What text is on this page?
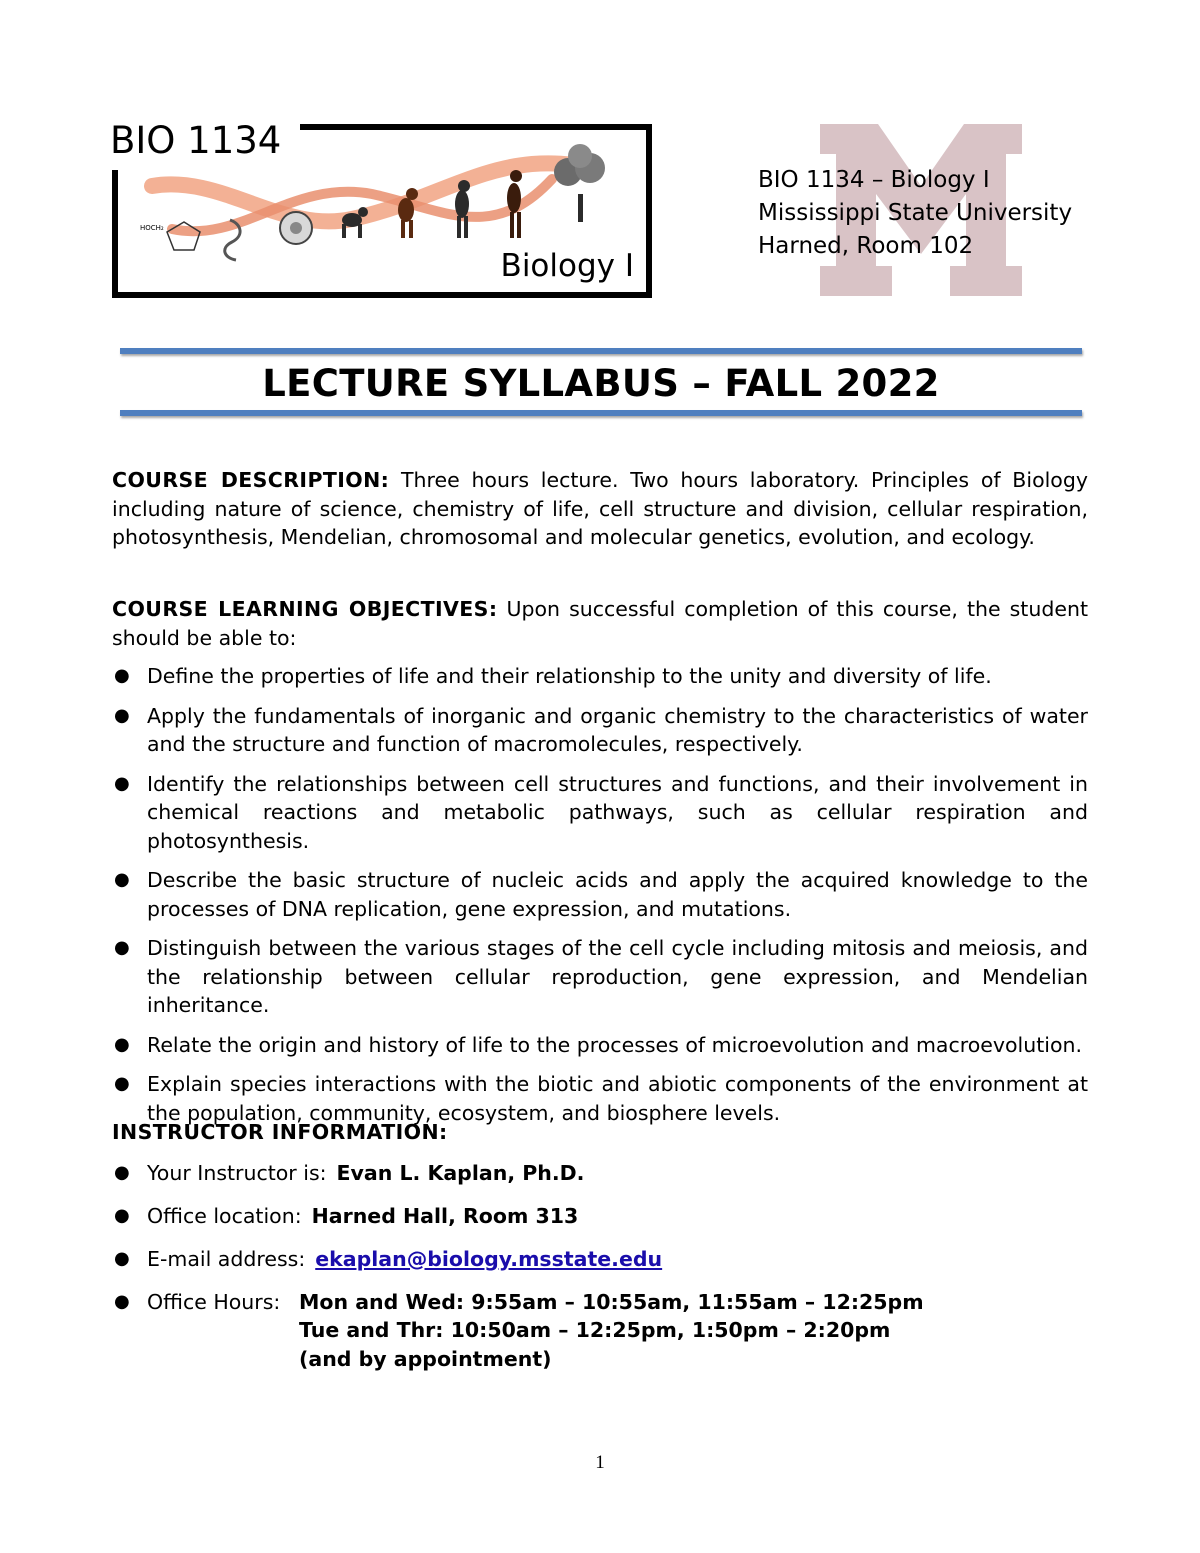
HOCH₂
BIO 1134
Biology I
BIO 1134 – Biology I
Mississippi State University
Harned, Room 102
LECTURE SYLLABUS – FALL 2022
COURSE DESCRIPTION: Three hours lecture. Two hours laboratory. Principles of Biology including nature of science, chemistry of life, cell structure and division, cellular respiration, photosynthesis, Mendelian, chromosomal and molecular genetics, evolution, and ecology.
COURSE LEARNING OBJECTIVES: Upon successful completion of this course, the student should be able to:
● Define the properties of life and their relationship to the unity and diversity of life.
● Apply the fundamentals of inorganic and organic chemistry to the characteristics of water and the structure and function of macromolecules, respectively.
● Identify the relationships between cell structures and functions, and their involvement in chemical reactions and metabolic pathways, such as cellular respiration and photosynthesis.
● Describe the basic structure of nucleic acids and apply the acquired knowledge to the processes of DNA replication, gene expression, and mutations.
● Distinguish between the various stages of the cell cycle including mitosis and meiosis, and the relationship between cellular reproduction, gene expression, and Mendelian inheritance.
● Relate the origin and history of life to the processes of microevolution and macroevolution.
● Explain species interactions with the biotic and abiotic components of the environment at the population, community, ecosystem, and biosphere levels.
INSTRUCTOR INFORMATION:
● Your Instructor is: Evan L. Kaplan, Ph.D.
● Office location: Harned Hall, Room 313
● E-mail address: ekaplan@biology.msstate.edu
● Office Hours: Mon and Wed: 9:55am – 10:55am, 11:55am – 12:25pm
Tue and Thr: 10:50am – 12:25pm, 1:50pm – 2:20pm
(and by appointment)
1
